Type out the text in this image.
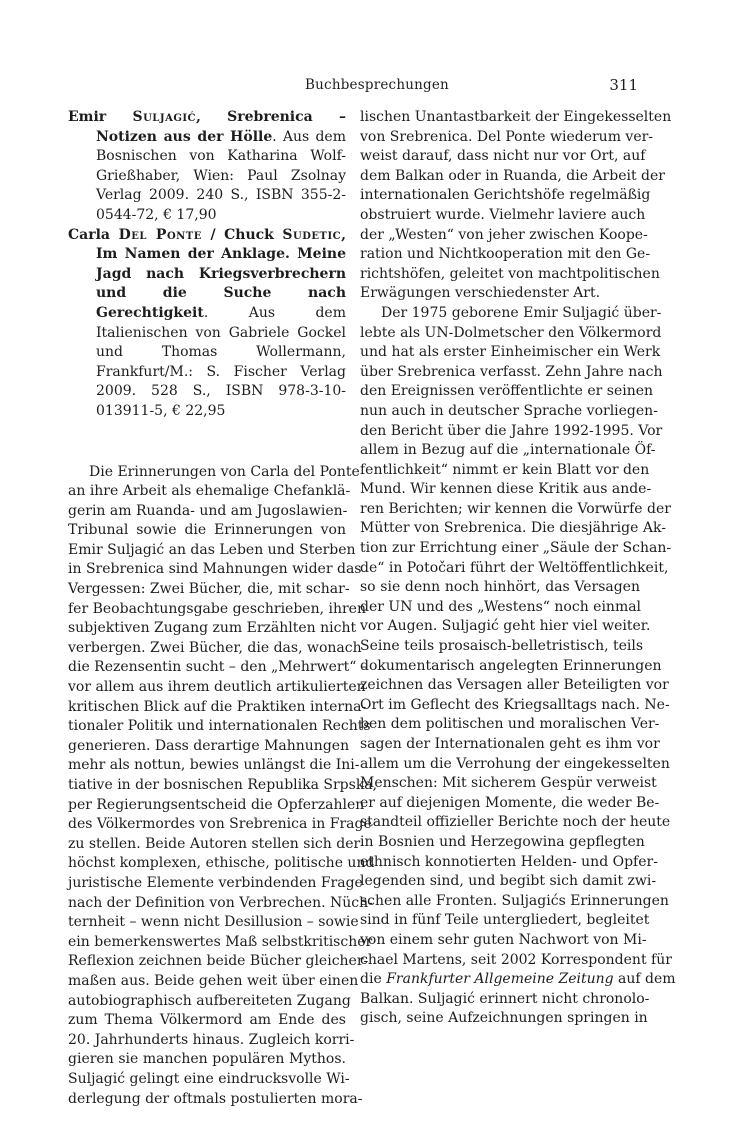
Buchbesprechungen	311

Emir Suljagić, Srebrenica – Notizen aus der Hölle. Aus dem Bosnischen von Katharina Wolf-Grießhaber, Wien: Paul Zsolnay Verlag 2009. 240 S., ISBN 355-2-0544-72, € 17,90

Carla Del Ponte / Chuck Sudetic, Im Namen der Anklage. Meine Jagd nach Kriegsverbrechern und die Suche nach Gerechtigkeit. Aus dem Italienischen von Gabriele Gockel und Thomas Wollermann, Frankfurt/M.: S. Fischer Verlag 2009. 528 S., ISBN 978-3-10-013911-5, € 22,95

Die Erinnerungen von Carla del Ponte
an ihre Arbeit als ehemalige Chefanklä-
gerin am Ruanda- und am Jugoslawien-
Tribunal sowie die Erinnerungen von
Emir Suljagić an das Leben und Sterben
in Srebrenica sind Mahnungen wider das
Vergessen: Zwei Bücher, die, mit schar-
fer Beobachtungsgabe geschrieben, ihren
subjektiven Zugang zum Erzählten nicht
verbergen. Zwei Bücher, die das, wonach
die Rezensentin sucht – den „Mehrwert“ –
vor allem aus ihrem deutlich artikulierten
kritischen Blick auf die Praktiken interna-
tionaler Politik und internationalen Rechts
generieren. Dass derartige Mahnungen
mehr als nottun, bewies unlängst die Ini-
tiative in der bosnischen Republika Srpska,
per Regierungsentscheid die Opferzahlen
des Völkermordes von Srebrenica in Frage
zu stellen. Beide Autoren stellen sich der
höchst komplexen, ethische, politische und
juristische Elemente verbindenden Frage
nach der Definition von Verbrechen. Nüch-
ternheit – wenn nicht Desillusion – sowie
ein bemerkenswertes Maß selbstkritischer
Reflexion zeichnen beide Bücher gleicher-
maßen aus. Beide gehen weit über einen
autobiographisch aufbereiteten Zugang
zum Thema Völkermord am Ende des
20. Jahrhunderts hinaus. Zugleich korri-
gieren sie manchen populären Mythos.
Suljagić gelingt eine eindrucksvolle Wi-
derlegung der oftmals postulierten mora-

lischen Unantastbarkeit der Eingekesselten
von Srebrenica. Del Ponte wiederum ver-
weist darauf, dass nicht nur vor Ort, auf
dem Balkan oder in Ruanda, die Arbeit der
internationalen Gerichtshöfe regelmäßig
obstruiert wurde. Vielmehr laviere auch
der „Westen“ von jeher zwischen Koope-
ration und Nichtkooperation mit den Ge-
richtshöfen, geleitet von machtpolitischen
Erwägungen verschiedenster Art.

Der 1975 geborene Emir Suljagić über-
lebte als UN-Dolmetscher den Völkermord
und hat als erster Einheimischer ein Werk
über Srebrenica verfasst. Zehn Jahre nach
den Ereignissen veröffentlichte er seinen
nun auch in deutscher Sprache vorliegen-
den Bericht über die Jahre 1992-1995. Vor
allem in Bezug auf die „internationale Öf-
fentlichkeit“ nimmt er kein Blatt vor den
Mund. Wir kennen diese Kritik aus ande-
ren Berichten; wir kennen die Vorwürfe der
Mütter von Srebrenica. Die diesjährige Ak-
tion zur Errichtung einer „Säule der Schan-
de“ in Potočari führt der Weltöffentlichkeit,
so sie denn noch hinhört, das Versagen
der UN und des „Westens“ noch einmal
vor Augen. Suljagić geht hier viel weiter.
Seine teils prosaisch-belletristisch, teils
dokumentarisch angelegten Erinnerungen
zeichnen das Versagen aller Beteiligten vor
Ort im Geflecht des Kriegsalltags nach. Ne-
ben dem politischen und moralischen Ver-
sagen der Internationalen geht es ihm vor
allem um die Verrohung der eingekesselten
Menschen: Mit sicherem Gespür verweist
er auf diejenigen Momente, die weder Be-
standteil offizieller Berichte noch der heute
in Bosnien und Herzegowina gepflegten
ethnisch konnotierten Helden- und Opfer-
legenden sind, und begibt sich damit zwi-
schen alle Fronten. Suljagićs Erinnerungen
sind in fünf Teile untergliedert, begleitet
von einem sehr guten Nachwort von Mi-
chael Martens, seit 2002 Korrespondent für
die Frankfurter Allgemeine Zeitung auf dem
Balkan. Suljagić erinnert nicht chronolo-
gisch, seine Aufzeichnungen springen in
